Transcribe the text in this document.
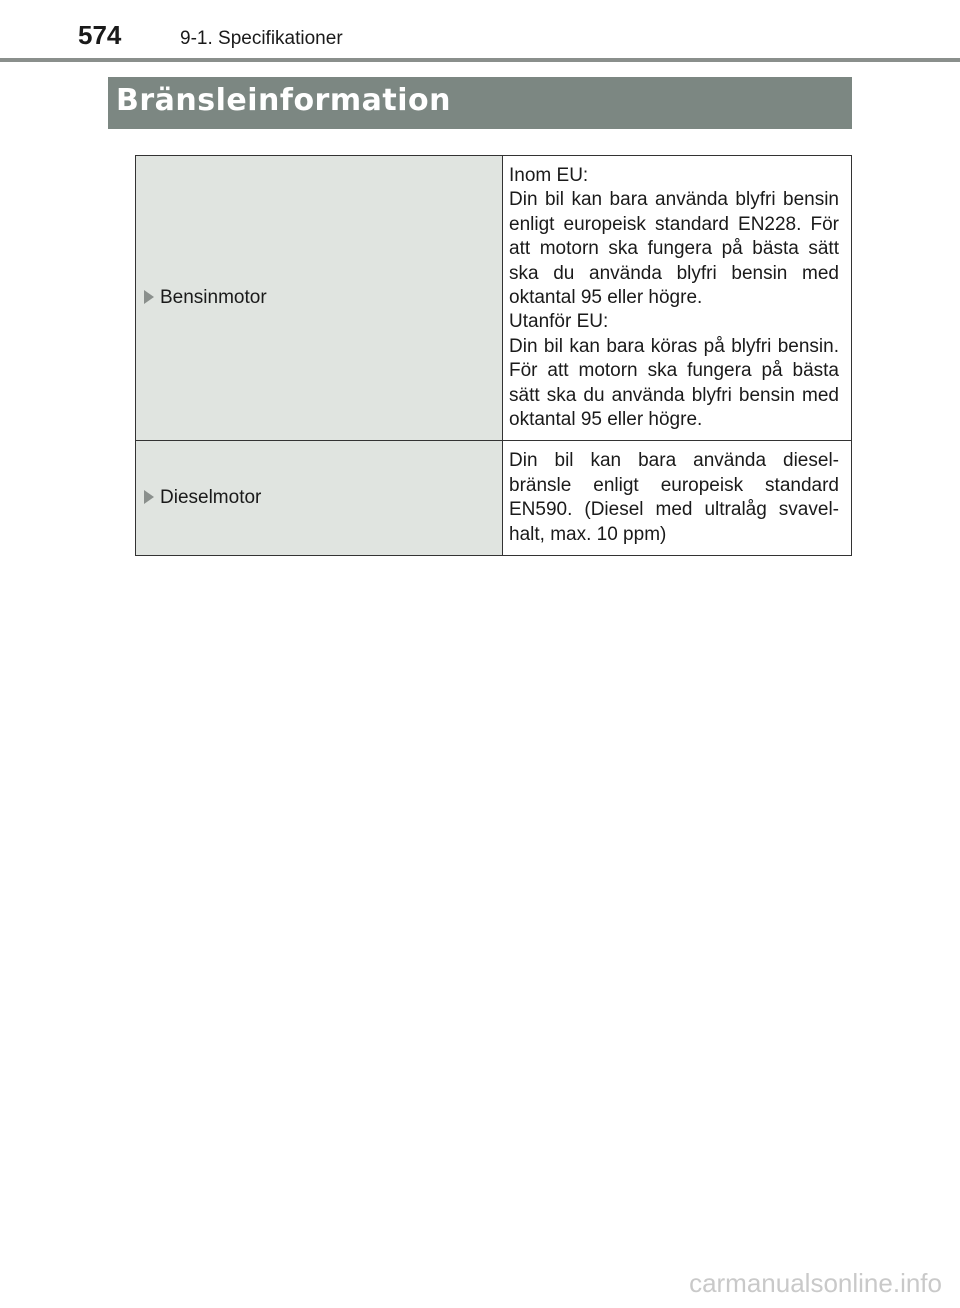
574	9-1. Specifikationer
Bränsleinformation
Bensinmotor	Inom EU:
Din bil kan bara använda blyfri bensin enligt europeisk standard EN228. För att motorn ska fungera på bästa sätt ska du använda blyfri bensin med oktantal 95 eller högre.
Utanför EU:
Din bil kan bara köras på blyfri bensin. För att motorn ska fungera på bästa sätt ska du använda blyfri bensin med oktantal 95 eller högre.

Dieselmotor	Din bil kan bara använda diesel-bränsle enligt europeisk standard EN590. (Diesel med ultralåg svavel-halt, max. 10 ppm)
carmanualsonline.info
